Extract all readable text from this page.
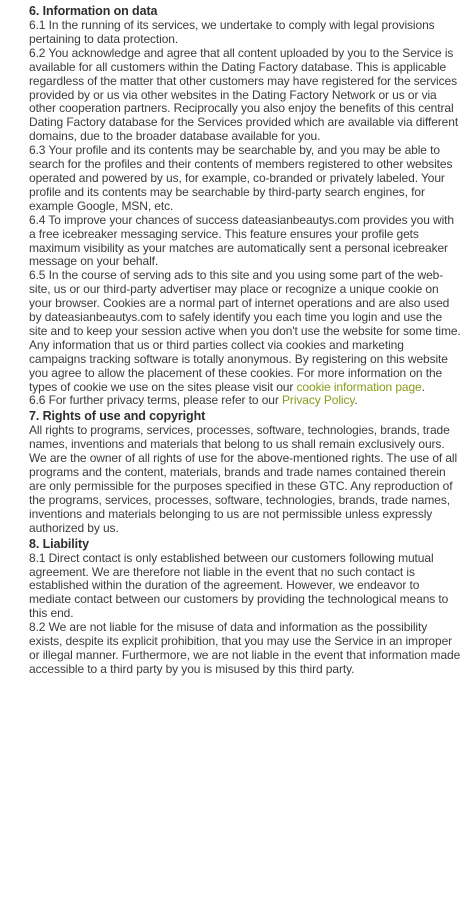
6. Information on data

6.1 In the running of its services, we undertake to comply with legal provisions pertaining to data protection.

6.2 You acknowledge and agree that all content uploaded by you to the Service is available for all customers within the Dating Factory database. This is applicable regardless of the matter that other customers may have registered for the services provided by or us via other websites in the Dating Factory Network or us or via other cooperation partners. Reciprocally you also enjoy the benefits of this central Dating Factory database for the Services provided which are available via different domains, due to the broader database available for you.

6.3 Your profile and its contents may be searchable by, and you may be able to search for the profiles and their contents of members registered to other websites operated and powered by us, for example, co-branded or privately labeled. Your profile and its contents may be searchable by third-party search engines, for example Google, MSN, etc.

6.4 To improve your chances of success dateasianbeautys.com provides you with a free icebreaker messaging service. This feature ensures your profile gets maximum visibility as your matches are automatically sent a personal icebreaker message on your behalf.

6.5 In the course of serving ads to this site and you using some part of the web-site, us or our third-party advertiser may place or recognize a unique cookie on your browser. Cookies are a normal part of internet operations and are also used by dateasianbeautys.com to safely identify you each time you login and use the site and to keep your session active when you don't use the website for some time. Any information that us or third parties collect via cookies and marketing campaigns tracking software is totally anonymous. By registering on this website you agree to allow the placement of these cookies. For more information on the types of cookie we use on the sites please visit our cookie information page.

6.6 For further privacy terms, please refer to our Privacy Policy.

7. Rights of use and copyright

All rights to programs, services, processes, software, technologies, brands, trade names, inventions and materials that belong to us shall remain exclusively ours. We are the owner of all rights of use for the above-mentioned rights. The use of all programs and the content, materials, brands and trade names contained therein are only permissible for the purposes specified in these GTC. Any reproduction of the programs, services, processes, software, technologies, brands, trade names, inventions and materials belonging to us are not permissible unless expressly authorized by us.

8. Liability

8.1 Direct contact is only established between our customers following mutual agreement. We are therefore not liable in the event that no such contact is established within the duration of the agreement. However, we endeavor to mediate contact between our customers by providing the technological means to this end.

8.2 We are not liable for the misuse of data and information as the possibility exists, despite its explicit prohibition, that you may use the Service in an improper or illegal manner. Furthermore, we are not liable in the event that information made accessible to a third party by you is misused by this third party.
